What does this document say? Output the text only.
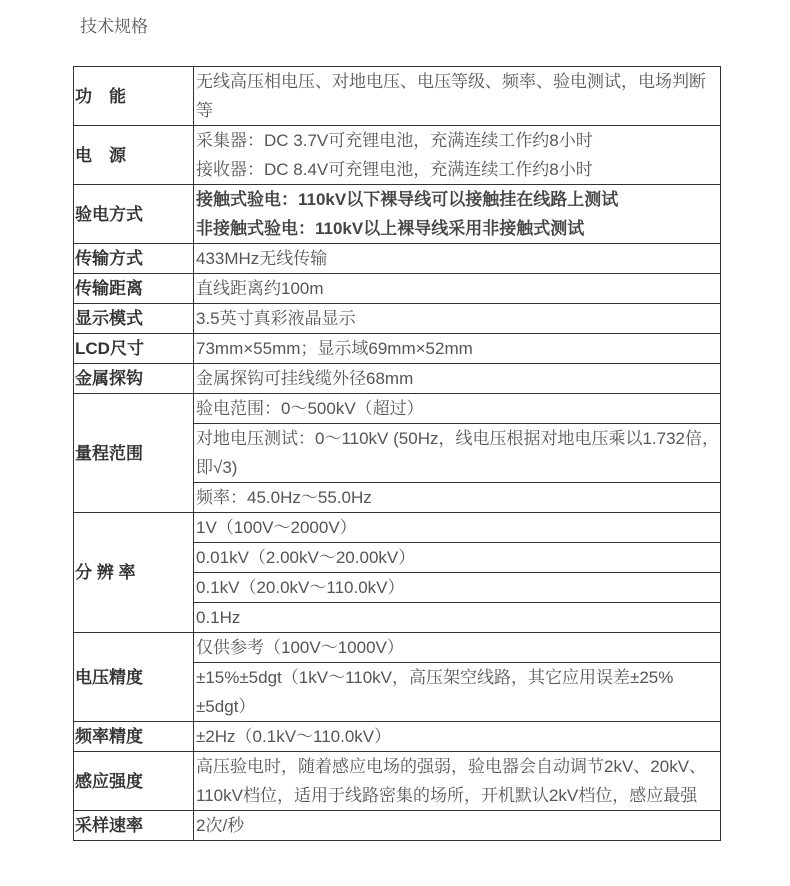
技术规格
功　能	无线高压相电压、对地电压、电压等级、频率、验电测试，电场判断等
电　源	采集器：DC 3.7V可充锂电池，充满连续工作约8小时
接收器：DC 8.4V可充锂电池，充满连续工作约8小时
验电方式	接触式验电：110kV以下裸导线可以接触挂在线路上测试
非接触式验电：110kV以上裸导线采用非接触式测试
传输方式	433MHz无线传输
传输距离	直线距离约100m
显示模式	3.5英寸真彩液晶显示
LCD尺寸	73mm×55mm；显示域69mm×52mm
金属探钩	金属探钩可挂线缆外径68mm
量程范围	验电范围：0～500kV（超过）
	对地电压测试：0～110kV (50Hz，线电压根据对地电压乘以1.732倍，即√3)
	频率：45.0Hz～55.0Hz
分 辨 率	1V（100V～2000V）
	0.01kV（2.00kV～20.00kV）
	0.1kV（20.0kV～110.0kV）
	0.1Hz
电压精度	仅供参考（100V～1000V）
	±15%±5dgt（1kV～110kV，高压架空线路，其它应用误差±25%±5dgt）
频率精度	±2Hz（0.1kV～110.0kV）
感应强度	高压验电时，随着感应电场的强弱，验电器会自动调节2kV、20kV、110kV档位，适用于线路密集的场所，开机默认2kV档位，感应最强
采样速率	2次/秒
